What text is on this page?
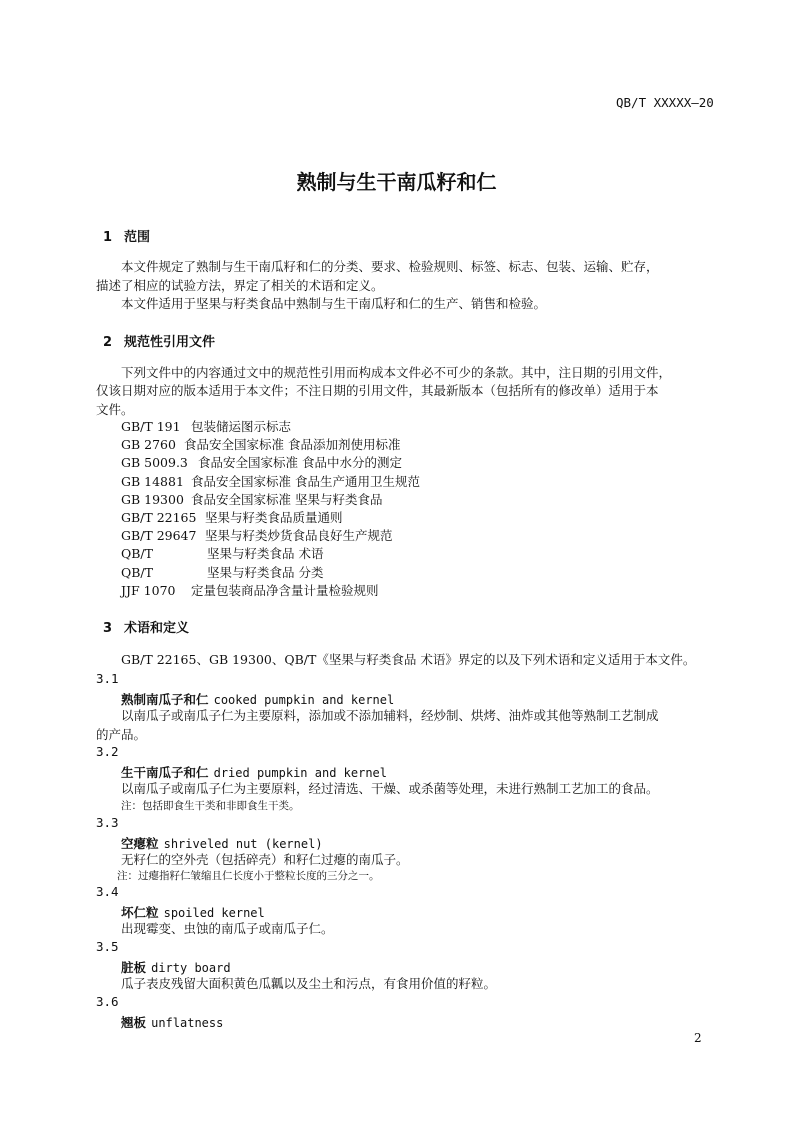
QB/T XXXXX—20
熟制与生干南瓜籽和仁
1 范围
本文件规定了熟制与生干南瓜籽和仁的分类、要求、检验规则、标签、标志、包装、运输、贮存，
描述了相应的试验方法，界定了相关的术语和定义。
本文件适用于坚果与籽类食品中熟制与生干南瓜籽和仁的生产、销售和检验。
2 规范性引用文件
下列文件中的内容通过文中的规范性引用而构成本文件必不可少的条款。其中，注日期的引用文件，
仅该日期对应的版本适用于本文件；不注日期的引用文件，其最新版本（包括所有的修改单）适用于本
文件。
GB/T 191 包装储运图示标志
GB 2760 食品安全国家标准 食品添加剂使用标准
GB 5009.3 食品安全国家标准 食品中水分的测定
GB 14881 食品安全国家标准 食品生产通用卫生规范
GB 19300 食品安全国家标准 坚果与籽类食品
GB/T 22165 坚果与籽类食品质量通则
GB/T 29647 坚果与籽类炒货食品良好生产规范
QB/T	坚果与籽类食品 术语
QB/T	坚果与籽类食品 分类
JJF 1070 定量包装商品净含量计量检验规则
3 术语和定义
GB/T 22165、GB 19300、QB/T《坚果与籽类食品 术语》界定的以及下列术语和定义适用于本文件。
3.1
熟制南瓜子和仁 cooked pumpkin and kernel
以南瓜子或南瓜子仁为主要原料，添加或不添加辅料，经炒制、烘烤、油炸或其他等熟制工艺制成
的产品。
3.2
生干南瓜子和仁 dried pumpkin and kernel
以南瓜子或南瓜子仁为主要原料，经过清选、干燥、或杀菌等处理，未进行熟制工艺加工的食品。
注：包括即食生干类和非即食生干类。
3.3
空瘪粒 shriveled nut (kernel)
无籽仁的空外壳（包括碎壳）和籽仁过瘪的南瓜子。
注：过瘪指籽仁皱缩且仁长度小于整粒长度的三分之一。
3.4
坏仁粒 spoiled kernel
出现霉变、虫蚀的南瓜子或南瓜子仁。
3.5
脏板 dirty board
瓜子表皮残留大面积黄色瓜瓤以及尘土和污点，有食用价值的籽粒。
3.6
翘板 unflatness
2
